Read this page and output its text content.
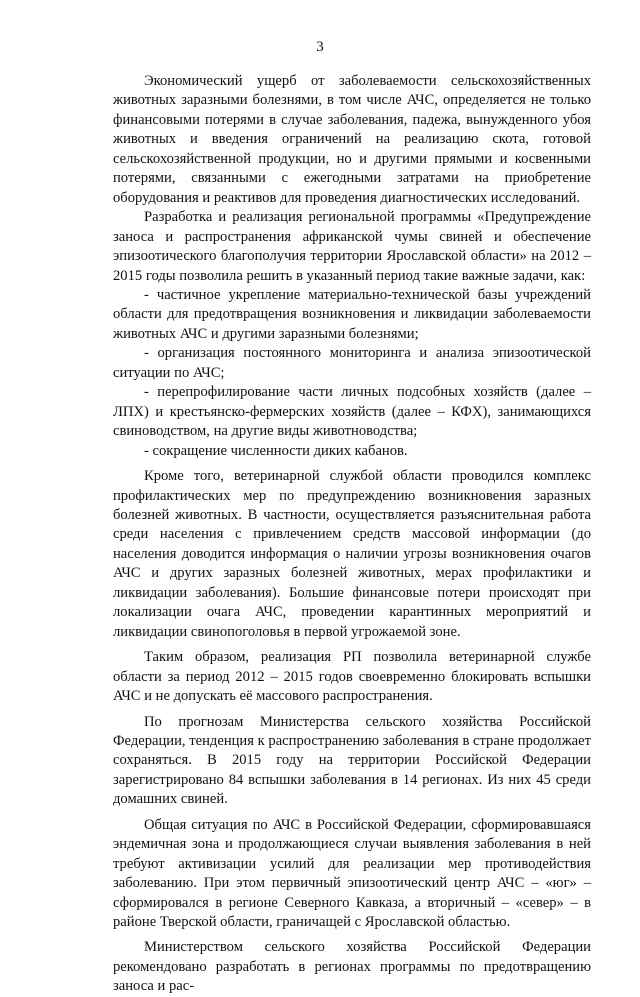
3

Экономический ущерб от заболеваемости сельскохозяйственных животных заразными болезнями, в том числе АЧС, определяется не только финансовыми потерями в случае заболевания, падежа, вынужденного убоя животных и введения ограничений на реализацию скота, готовой сельскохозяйственной продукции, но и другими прямыми и косвенными потерями, связанными с ежегодными затратами на приобретение оборудования и реактивов для проведения диагностических исследований.

Разработка и реализация региональной программы «Предупреждение заноса и распространения африканской чумы свиней и обеспечение эпизоотического благополучия территории Ярославской области» на 2012 – 2015 годы позволила решить в указанный период такие важные задачи, как:

- частичное укрепление материально-технической базы учреждений области для предотвращения возникновения и ликвидации заболеваемости животных АЧС и другими заразными болезнями;

- организация постоянного мониторинга и анализа эпизоотической ситуации по АЧС;

- перепрофилирование части личных подсобных хозяйств (далее – ЛПХ) и крестьянско-фермерских хозяйств (далее – КФХ), занимающихся свиноводством, на другие виды животноводства;

- сокращение численности диких кабанов.

Кроме того, ветеринарной службой области проводился комплекс профилактических мер по предупреждению возникновения заразных болезней животных. В частности, осуществляется разъяснительная работа среди населения с привлечением средств массовой информации (до населения доводится информация о наличии угрозы возникновения очагов АЧС и других заразных болезней животных, мерах профилактики и ликвидации заболевания). Большие финансовые потери происходят при локализации очага АЧС, проведении карантинных мероприятий и ликвидации свинопоголовья в первой угрожаемой зоне.

Таким образом, реализация РП позволила ветеринарной службе области за период 2012 – 2015 годов своевременно блокировать вспышки АЧС и не допускать её массового распространения.

По прогнозам Министерства сельского хозяйства Российской Федерации, тенденция к распространению заболевания в стране продолжает сохраняться. В 2015 году на территории Российской Федерации зарегистрировано 84 вспышки заболевания в 14 регионах. Из них 45 среди домашних свиней.

Общая ситуация по АЧС в Российской Федерации, сформировавшаяся эндемичная зона и продолжающиеся случаи выявления заболевания в ней требуют активизации усилий для реализации мер противодействия заболеванию. При этом первичный эпизоотический центр АЧС – «юг» – сформировался в регионе Северного Кавказа, а вторичный – «север» – в районе Тверской области, граничащей с Ярославской областью.

Министерством сельского хозяйства Российской Федерации рекомендовано разработать в регионах программы по предотвращению заноса и рас-
